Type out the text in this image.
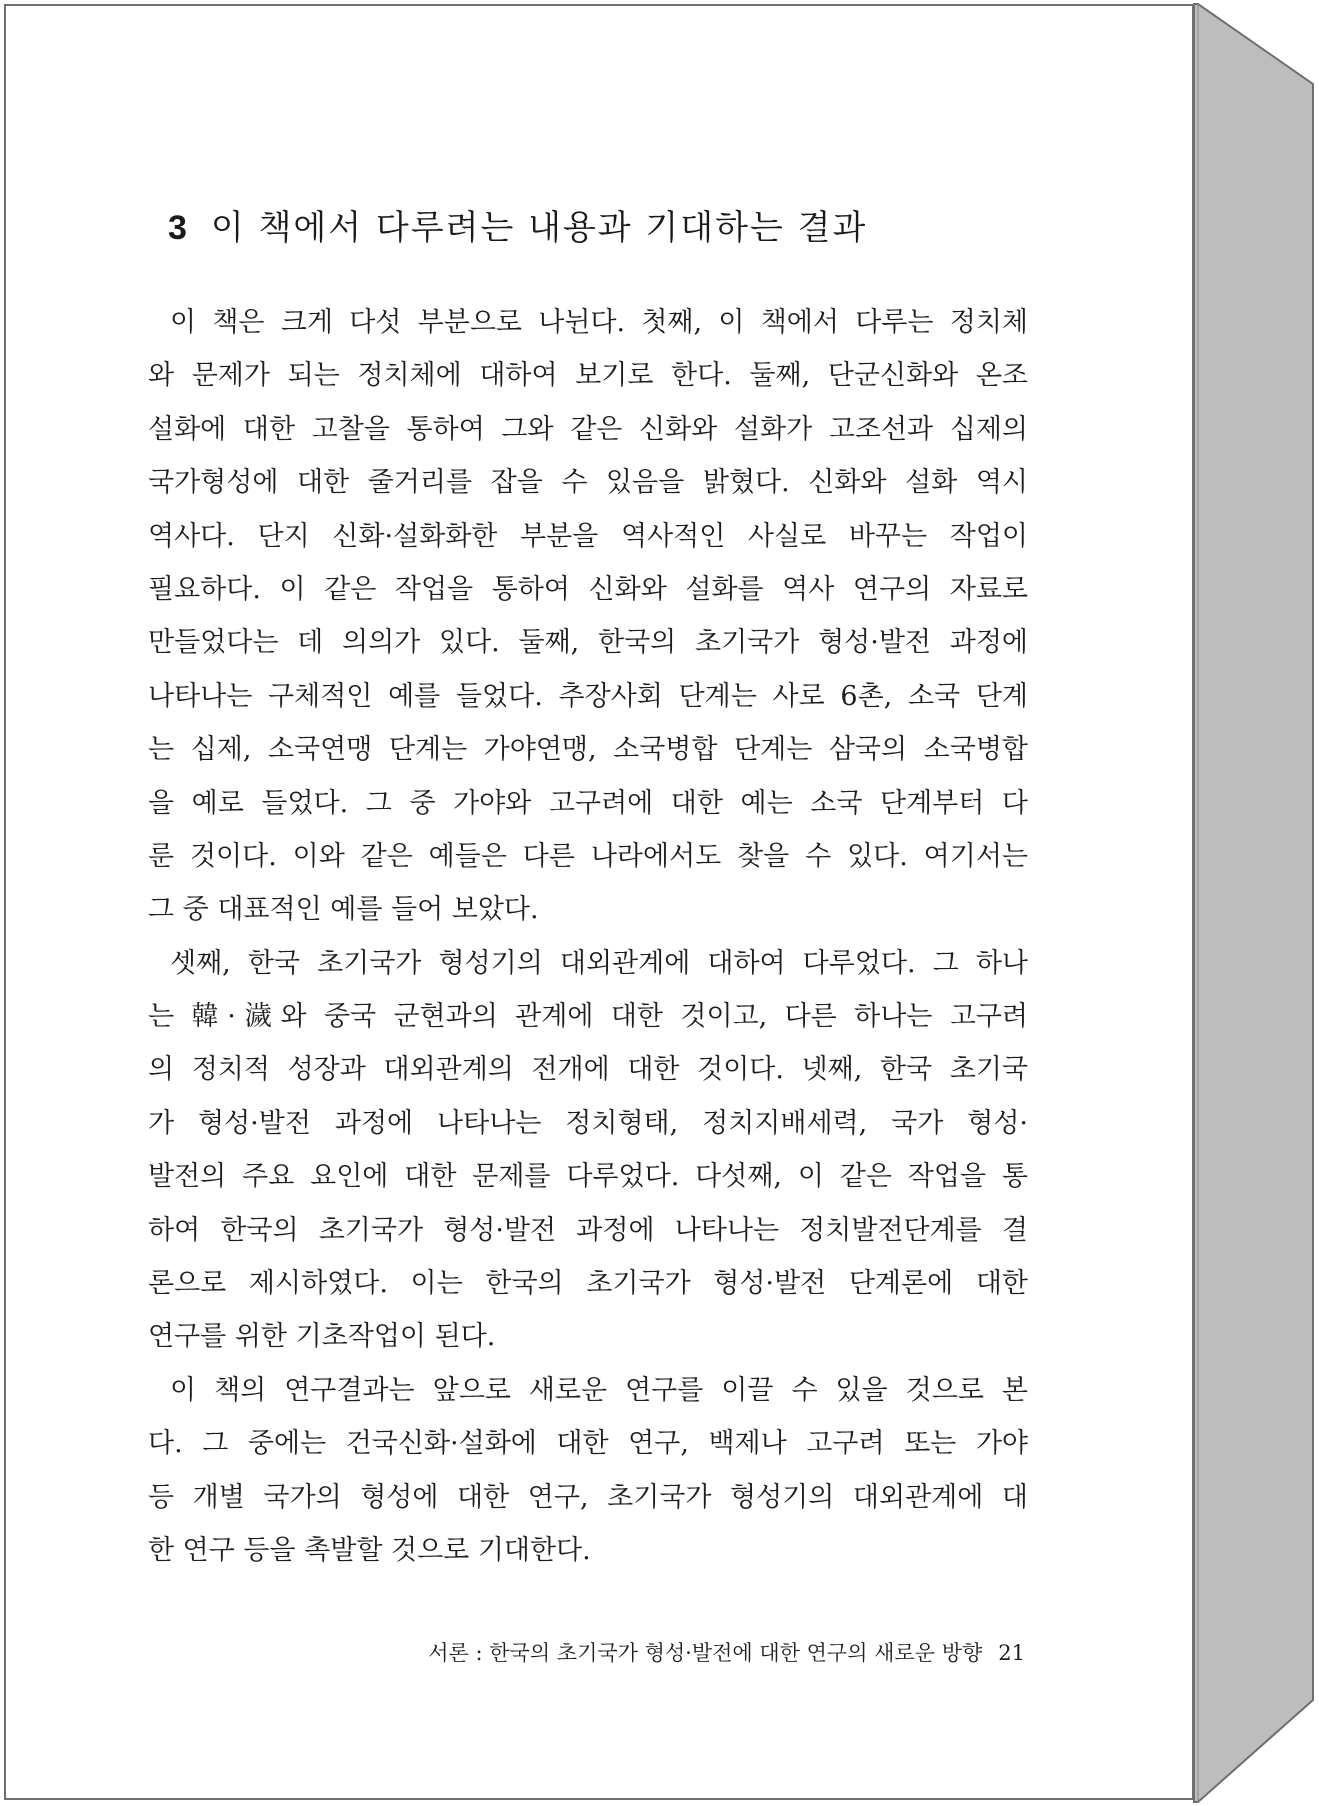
3 이 책에서 다루려는 내용과 기대하는 결과
이 책은 크게 다섯 부분으로 나뉜다. 첫째, 이 책에서 다루는 정치체
와 문제가 되는 정치체에 대하여 보기로 한다. 둘째, 단군신화와 온조
설화에 대한 고찰을 통하여 그와 같은 신화와 설화가 고조선과 십제의
국가형성에 대한 줄거리를 잡을 수 있음을 밝혔다. 신화와 설화 역시
역사다. 단지 신화·설화화한 부분을 역사적인 사실로 바꾸는 작업이
필요하다. 이 같은 작업을 통하여 신화와 설화를 역사 연구의 자료로
만들었다는 데 의의가 있다. 둘째, 한국의 초기국가 형성·발전 과정에
나타나는 구체적인 예를 들었다. 추장사회 단계는 사로 6촌, 소국 단계
는 십제, 소국연맹 단계는 가야연맹, 소국병합 단계는 삼국의 소국병합
을 예로 들었다. 그 중 가야와 고구려에 대한 예는 소국 단계부터 다
룬 것이다. 이와 같은 예들은 다른 나라에서도 찾을 수 있다. 여기서는
그 중 대표적인 예를 들어 보았다.
셋째, 한국 초기국가 형성기의 대외관계에 대하여 다루었다. 그 하나
는 韓·濊와 중국 군현과의 관계에 대한 것이고, 다른 하나는 고구려
의 정치적 성장과 대외관계의 전개에 대한 것이다. 넷째, 한국 초기국
가 형성·발전 과정에 나타나는 정치형태, 정치지배세력, 국가 형성·
발전의 주요 요인에 대한 문제를 다루었다. 다섯째, 이 같은 작업을 통
하여 한국의 초기국가 형성·발전 과정에 나타나는 정치발전단계를 결
론으로 제시하였다. 이는 한국의 초기국가 형성·발전 단계론에 대한
연구를 위한 기초작업이 된다.
이 책의 연구결과는 앞으로 새로운 연구를 이끌 수 있을 것으로 본
다. 그 중에는 건국신화·설화에 대한 연구, 백제나 고구려 또는 가야
등 개별 국가의 형성에 대한 연구, 초기국가 형성기의 대외관계에 대
한 연구 등을 촉발할 것으로 기대한다.
서론 : 한국의 초기국가 형성·발전에 대한 연구의 새로운 방향 21
